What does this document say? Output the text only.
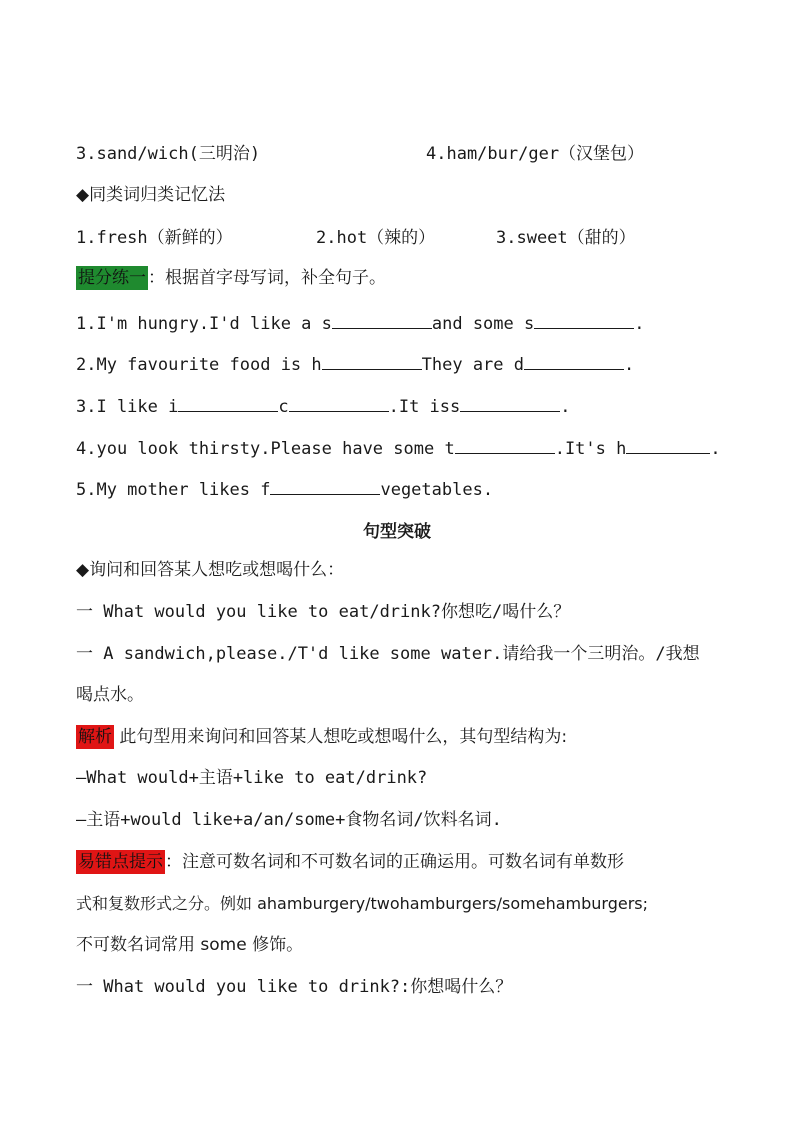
3.sand/wich(三明治)	4.ham/bur/ger（汉堡包）
◆同类词归类记忆法
1.fresh（新鲜的）	2.hot（辣的）	3.sweet（甜的）
提分练一 ：根据首字母写词，补全句子。
1.I'm hungry.I'd like a s	and some s	.
2.My favourite food is h	They are d	.
3.I like i	c	.It iss	.
4.you look thirsty.Please have some t	.It's h	.
5.My mother likes f	vegetables.
句型突破
◆询问和回答某人想吃或想喝什么：
一 What would you like to eat/drink?你想吃/喝什么？
一 A sandwich,please./T'd like some water.请给我一个三明治。/我想
喝点水。
解析 此句型用来询问和回答某人想吃或想喝什么，其句型结构为:
—What would+主语+like to eat/drink?
—主语+would like+a/an/some+食物名词/饮料名词.
易错点提示 ：注意可数名词和不可数名词的正确运用。可数名词有单数形
式和复数形式之分。例如 ahamburgery/twohamburgers/somehamburgers;
不可数名词常用 some 修饰。
一 What would you like to drink?:你想喝什么？
